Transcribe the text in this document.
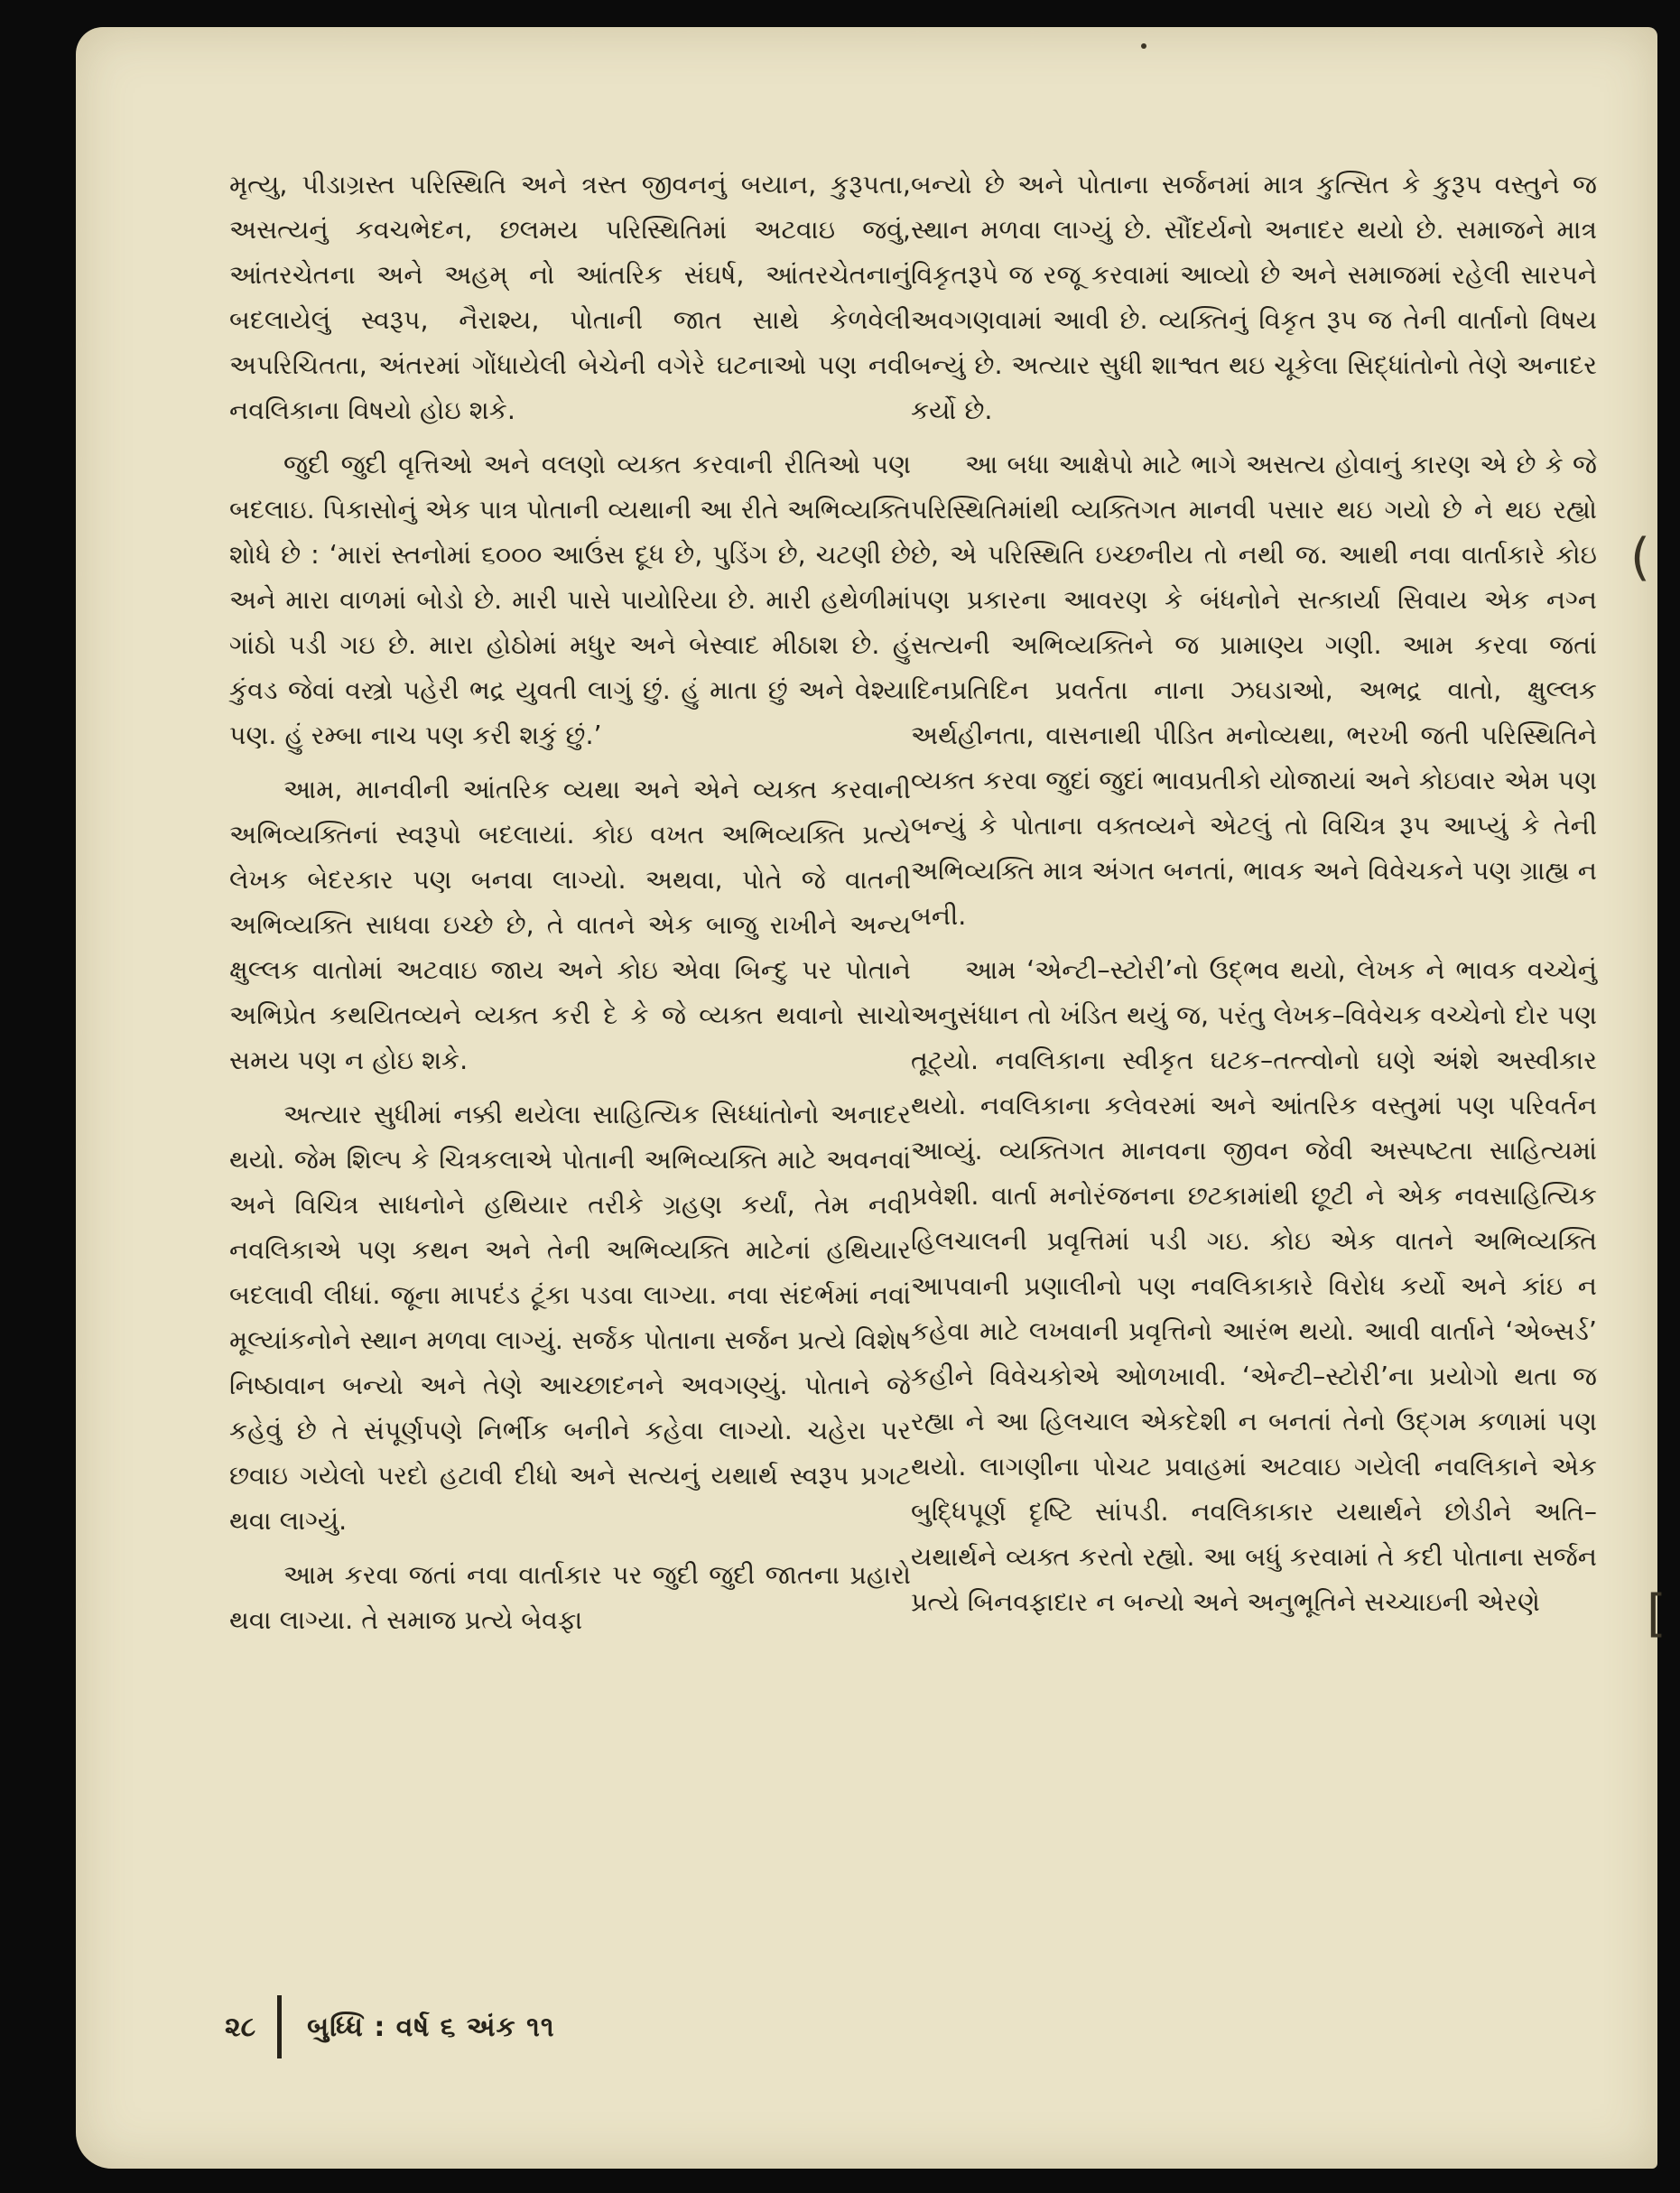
(
[

મૃત્યુ, પીડાગ્રસ્ત પરિસ્થિતિ અને ત્રસ્ત જીવનનું બયાન, કુરૂપતા, અસત્યનું કવચભેદન, છલમય પરિસ્થિતિમાં અટવાઇ જવું, આંતરચેતના અને અહમ્ નો આંતરિક સંઘર્ષ, આંતરચેતનાનું બદલાયેલું સ્વરૂપ, નૈરાશ્ય, પોતાની જાત સાથે કેળવેલી અપરિચિતતા, અંતરમાં ગોંધાયેલી બેચેની વગેરે ઘટનાઓ પણ નવી નવલિકાના વિષયો હોઇ શકે.

જુદી જુદી વૃત્તિઓ અને વલણો વ્યક્ત કરવાની રીતિઓ પણ બદલાઇ. પિકાસોનું એક પાત્ર પોતાની વ્યથાની આ રીતે અભિવ્યક્તિ શોધે છે : ‘મારાં સ્તનોમાં ૬૦૦૦ આઉંસ દૂધ છે, પુડિંગ છે, ચટણી છે અને મારા વાળમાં બોડો છે. મારી પાસે પાયોરિયા છે. મારી હથેળીમાં ગાંઠો પડી ગઇ છે. મારા હોઠોમાં મધુર અને બેસ્વાદ મીઠાશ છે. હું કુંવડ જેવાં વસ્ત્રો પહેરી ભદ્ર યુવતી લાગું છું. હું માતા છું અને વેશ્યા પણ. હું રમ્બા નાચ પણ કરી શકું છું.’

આમ, માનવીની આંતરિક વ્યથા અને એને વ્યક્ત કરવાની અભિવ્યક્તિનાં સ્વરૂપો બદલાયાં. કોઇ વખત અભિવ્યક્તિ પ્રત્યે લેખક બેદરકાર પણ બનવા લાગ્યો. અથવા, પોતે જે વાતની અભિવ્યક્તિ સાધવા ઇચ્છે છે, તે વાતને એક બાજુ રાખીને અન્ય ક્ષુલ્લક વાતોમાં અટવાઇ જાય અને કોઇ એવા બિન્દુ પર પોતાને અભિપ્રેત કથયિતવ્યને વ્યક્ત કરી દે કે જે વ્યક્ત થવાનો સાચો સમય પણ ન હોઇ શકે.

અત્યાર સુધીમાં નક્કી થયેલા સાહિત્યિક સિધ્ધાંતોનો અનાદર થયો. જેમ શિલ્પ કે ચિત્રકલાએ પોતાની અભિવ્યક્તિ માટે અવનવાં અને વિચિત્ર સાધનોને હથિયાર તરીકે ગ્રહણ કર્યાં, તેમ નવી નવલિકાએ પણ કથન અને તેની અભિવ્યક્તિ માટેનાં હથિયાર બદલાવી લીધાં. જૂના માપદંડ ટૂંકા પડવા લાગ્યા. નવા સંદર્ભમાં નવાં મૂલ્યાંકનોને સ્થાન મળવા લાગ્યું. સર્જક પોતાના સર્જન પ્રત્યે વિશેષ નિષ્ઠાવાન બન્યો અને તેણે આચ્છાદનને અવગણ્યું. પોતાને જે કહેવું છે તે સંપૂર્ણપણે નિર્ભીક બનીને કહેવા લાગ્યો. ચહેરા પર છવાઇ ગયેલો પરદો હટાવી દીધો અને સત્યનું યથાર્થ સ્વરૂપ પ્રગટ થવા લાગ્યું.

આમ કરવા જતાં નવા વાર્તાકાર પર જુદી જુદી જાતના પ્રહારો થવા લાગ્યા. તે સમાજ પ્રત્યે બેવફા

બન્યો છે અને પોતાના સર્જનમાં માત્ર કુત્સિત કે કુરૂપ વસ્તુને જ સ્થાન મળવા લાગ્યું છે. સૌંદર્યનો અનાદર થયો છે. સમાજને માત્ર વિકૃતરૂપે જ રજૂ કરવામાં આવ્યો છે અને સમાજમાં રહેલી સારપને અવગણવામાં આવી છે. વ્યક્તિનું વિકૃત રૂપ જ તેની વાર્તાનો વિષય બન્યું છે. અત્યાર સુધી શાશ્વત થઇ ચૂકેલા સિદ્ધાંતોનો તેણે અનાદર કર્યો છે.

આ બધા આક્ષેપો માટે ભાગે અસત્ય હોવાનું કારણ એ છે કે જે પરિસ્થિતિમાંથી વ્યક્તિગત માનવી પસાર થઇ ગયો છે ને થઇ રહ્યો છે, એ પરિસ્થિતિ ઇચ્છનીય તો નથી જ. આથી નવા વાર્તાકારે કોઇ પણ પ્રકારના આવરણ કે બંધનોને સત્કાર્યા સિવાય એક નગ્ન સત્યની અભિવ્યક્તિને જ પ્રામાણ્ય ગણી. આમ કરવા જતાં દિનપ્રતિદિન પ્રવર્તતા નાના ઝઘડાઓ, અભદ્ર વાતો, ક્ષુલ્લક અર્થહીનતા, વાસનાથી પીડિત મનોવ્યથા, ભરખી જતી પરિસ્થિતિને વ્યક્ત કરવા જુદાં જુદાં ભાવપ્રતીકો યોજાયાં અને કોઇવાર એમ પણ બન્યું કે પોતાના વક્તવ્યને એટલું તો વિચિત્ર રૂપ આપ્યું કે તેની અભિવ્યક્તિ માત્ર અંગત બનતાં, ભાવક અને વિવેચકને પણ ગ્રાહ્ય ન બની.

આમ ‘એન્ટી–સ્ટોરી’નો ઉદ્ભવ થયો, લેખક ને ભાવક વચ્ચેનું અનુસંધાન તો ખંડિત થયું જ, પરંતુ લેખક–વિવેચક વચ્ચેનો દોર પણ તૂટ્યો. નવલિકાના સ્વીકૃત ઘટક–તત્ત્વોનો ઘણે અંશે અસ્વીકાર થયો. નવલિકાના કલેવરમાં અને આંતરિક વસ્તુમાં પણ પરિવર્તન આવ્યું. વ્યક્તિગત માનવના જીવન જેવી અસ્પષ્ટતા સાહિત્યમાં પ્રવેશી. વાર્તા મનોરંજનના છટકામાંથી છૂટી ને એક નવસાહિત્યિક હિલચાલની પ્રવૃત્તિમાં પડી ગઇ. કોઇ એક વાતને અભિવ્યક્તિ આપવાની પ્રણાલીનો પણ નવલિકાકારે વિરોધ કર્યો અને કાંઇ ન કહેવા માટે લખવાની પ્રવૃત્તિનો આરંભ થયો. આવી વાર્તાને ‘એબ્સર્ડ’ કહીને વિવેચકોએ ઓળખાવી. ‘એન્ટી–સ્ટોરી’ના પ્રયોગો થતા જ રહ્યા ને આ હિલચાલ એકદેશી ન બનતાં તેનો ઉદ્ગમ કળામાં પણ થયો. લાગણીના પોચટ પ્રવાહમાં અટવાઇ ગયેલી નવલિકાને એક બુદ્ધિપૂર્ણ દૃષ્ટિ સાંપડી. નવલિકાકાર યથાર્થને છોડીને અતિ–યથાર્થને વ્યક્ત કરતો રહ્યો. આ બધું કરવામાં તે કદી પોતાના સર્જન પ્રત્યે બિનવફાદાર ન બન્યો અને અનુભૂતિને સચ્ચાઇની એરણે

૨૮ બુધ્ધિ : વર્ષ ૬ અંક ૧૧
